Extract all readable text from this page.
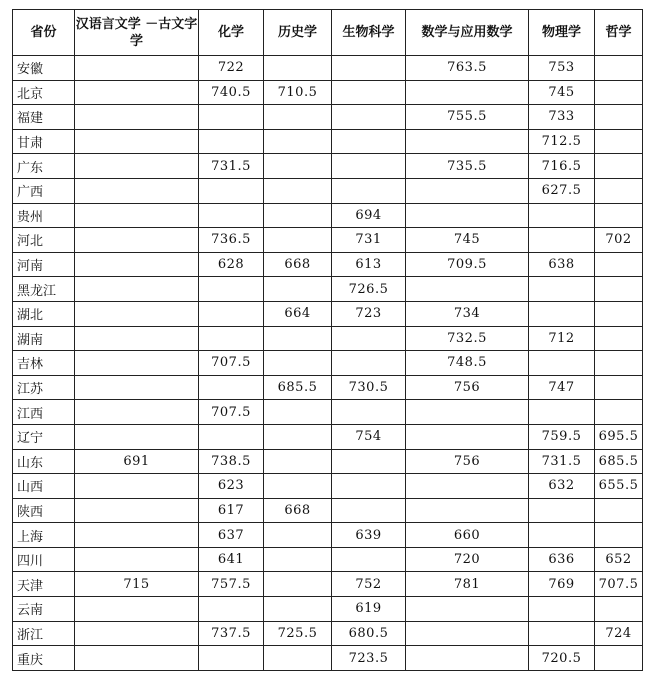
省份	汉语言文学 －古文字学	化学	历史学	生物科学	数学与应用数学	物理学	哲学
安徽		722			763.5	753	
北京		740.5	710.5			745	
福建					755.5	733	
甘肃						712.5	
广东		731.5			735.5	716.5	
广西						627.5	
贵州				694			
河北		736.5		731	745		702
河南		628	668	613	709.5	638	
黑龙江				726.5			
湖北			664	723	734		
湖南					732.5	712	
吉林		707.5			748.5		
江苏			685.5	730.5	756	747	
江西		707.5					
辽宁				754		759.5	695.5
山东	691	738.5			756	731.5	685.5
山西		623				632	655.5
陕西		617	668				
上海		637		639	660		
四川		641			720	636	652
天津	715	757.5		752	781	769	707.5
云南				619			
浙江		737.5	725.5	680.5			724
重庆				723.5		720.5	
